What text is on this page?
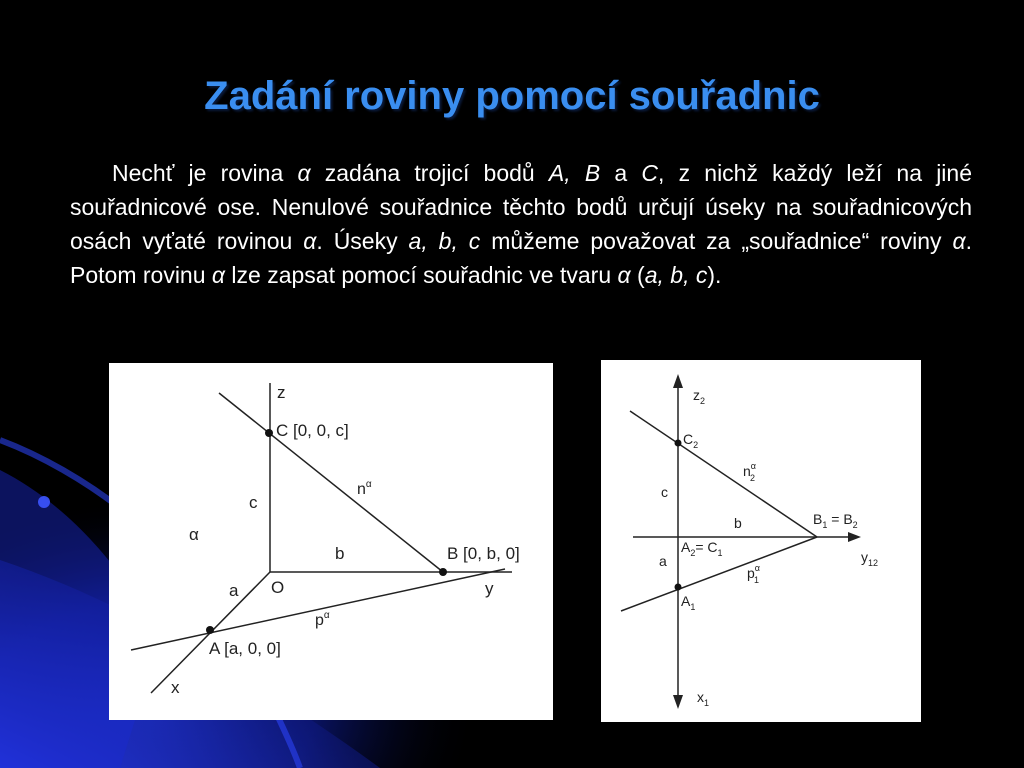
Zadání roviny pomocí souřadnic

Nechť je rovina α zadána trojicí bodů A, B a C, z nichž každý leží na jiné souřadnicové ose. Nenulové souřadnice těchto bodů určují úseky na souřadnicových osách vyťaté rovinou α. Úseky a, b, c můžeme považovat za „souřadnice“ roviny α. Potom rovinu α lze zapsat pomocí souřadnic ve tvaru α (a, b, c).

z
y
x
O
C [0, 0, c]
B [0, b, 0]
A [a, 0, 0]
c
b
a
α
$n^\alpha$
$p^\alpha$
$z_2$
$x_1$
$y_{12}$
$C_2$
$B_1 = B_2$
$A_2= C_1$
$A_1$
$n^\alpha$ 2
$p^\alpha$ 1
c
b
a
